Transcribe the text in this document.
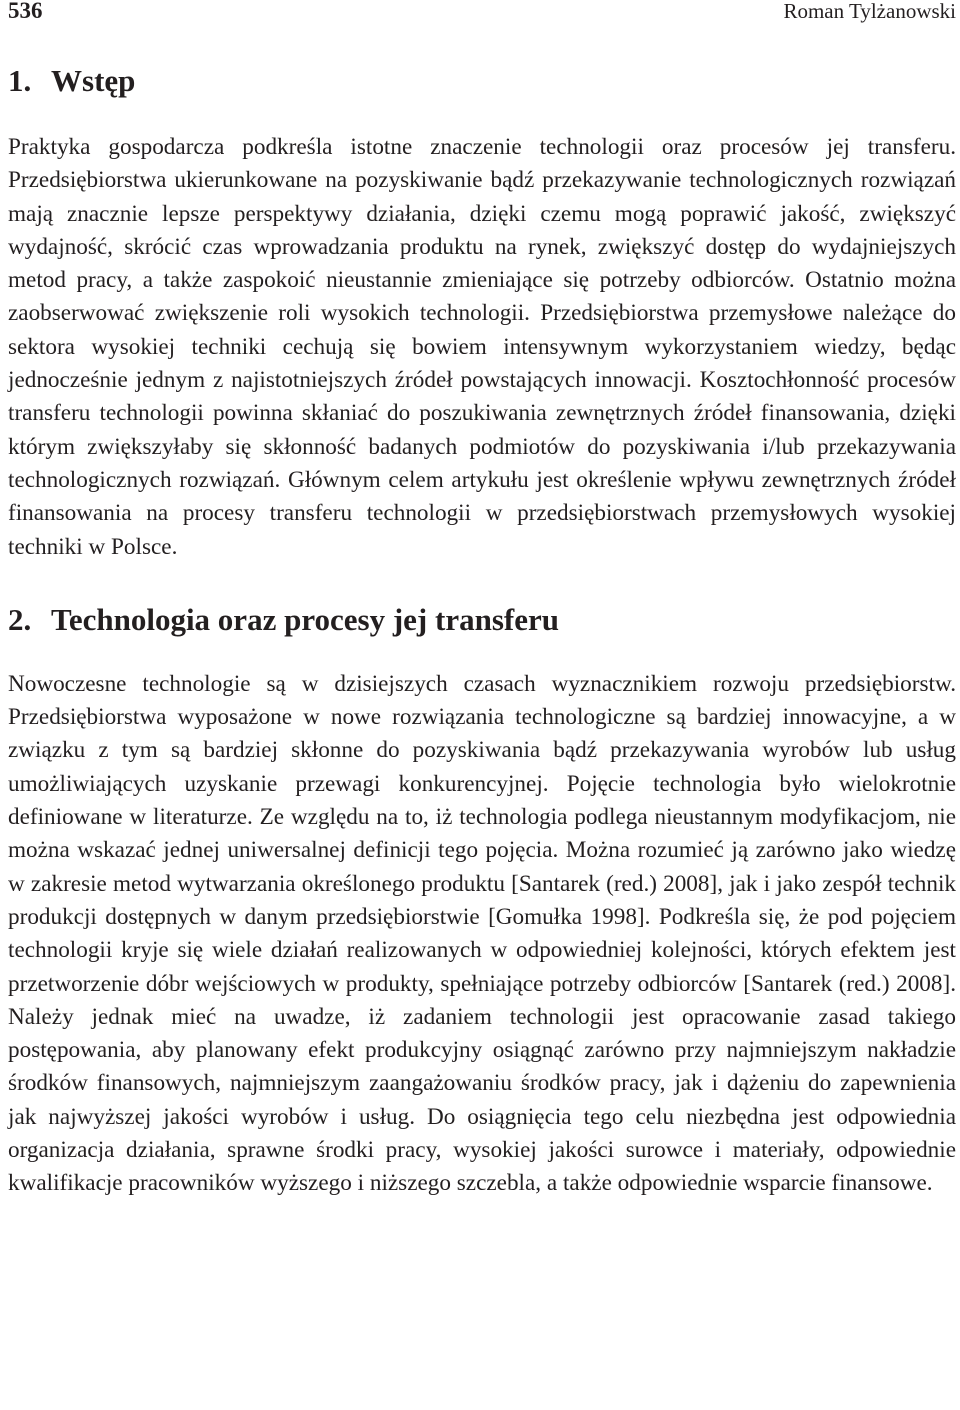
536	Roman Tylżanowski
1. Wstęp

Praktyka gospodarcza podkreśla istotne znaczenie technologii oraz procesów jej transferu. Przedsiębiorstwa ukierunkowane na pozyskiwanie bądź przekazywanie technologicznych rozwiązań mają znacznie lepsze perspektywy działania, dzięki czemu mogą poprawić jakość, zwiększyć wydajność, skrócić czas wprowadzania produktu na rynek, zwiększyć dostęp do wydajniejszych metod pracy, a także zaspokoić nieustannie zmieniające się potrzeby odbiorców. Ostatnio można zaobserwować zwiększenie roli wysokich technologii. Przedsiębiorstwa przemysłowe należące do sektora wysokiej techniki cechują się bowiem intensywnym wykorzystaniem wiedzy, będąc jednocześnie jednym z najistotniejszych źródeł powstających innowacji. Kosztochłonność procesów transferu technologii powinna skłaniać do poszukiwania zewnętrznych źródeł finansowania, dzięki którym zwiększyłaby się skłonność badanych podmiotów do pozyskiwania i/lub przekazywania technologicznych rozwiązań. Głównym celem artykułu jest określenie wpływu zewnętrznych źródeł finansowania na procesy transferu technologii w przedsiębiorstwach przemysłowych wysokiej techniki w Polsce.

2. Technologia oraz procesy jej transferu

Nowoczesne technologie są w dzisiejszych czasach wyznacznikiem rozwoju przedsiębiorstw. Przedsiębiorstwa wyposażone w nowe rozwiązania technologiczne są bardziej innowacyjne, a w związku z tym są bardziej skłonne do pozyskiwania bądź przekazywania wyrobów lub usług umożliwiających uzyskanie przewagi konkurencyjnej. Pojęcie technologia było wielokrotnie definiowane w literaturze. Ze względu na to, iż technologia podlega nieustannym modyfikacjom, nie można wskazać jednej uniwersalnej definicji tego pojęcia. Można rozumieć ją zarówno jako wiedzę w zakresie metod wytwarzania określonego produktu [Santarek (red.) 2008], jak i jako zespół technik produkcji dostępnych w danym przedsiębiorstwie [Gomułka 1998]. Podkreśla się, że pod pojęciem technologii kryje się wiele działań realizowanych w odpowiedniej kolejności, których efektem jest przetworzenie dóbr wejściowych w produkty, spełniające potrzeby odbiorców [Santarek (red.) 2008]. Należy jednak mieć na uwadze, iż zadaniem technologii jest opracowanie zasad takiego postępowania, aby planowany efekt produkcyjny osiągnąć zarówno przy najmniejszym nakładzie środków finansowych, najmniejszym zaangażowaniu środków pracy, jak i dążeniu do zapewnienia jak najwyższej jakości wyrobów i usług. Do osiągnięcia tego celu niezbędna jest odpowiednia organizacja działania, sprawne środki pracy, wysokiej jakości surowce i materiały, odpowiednie kwalifikacje pracowników wyższego i niższego szczebla, a także odpowiednie wsparcie finansowe.
